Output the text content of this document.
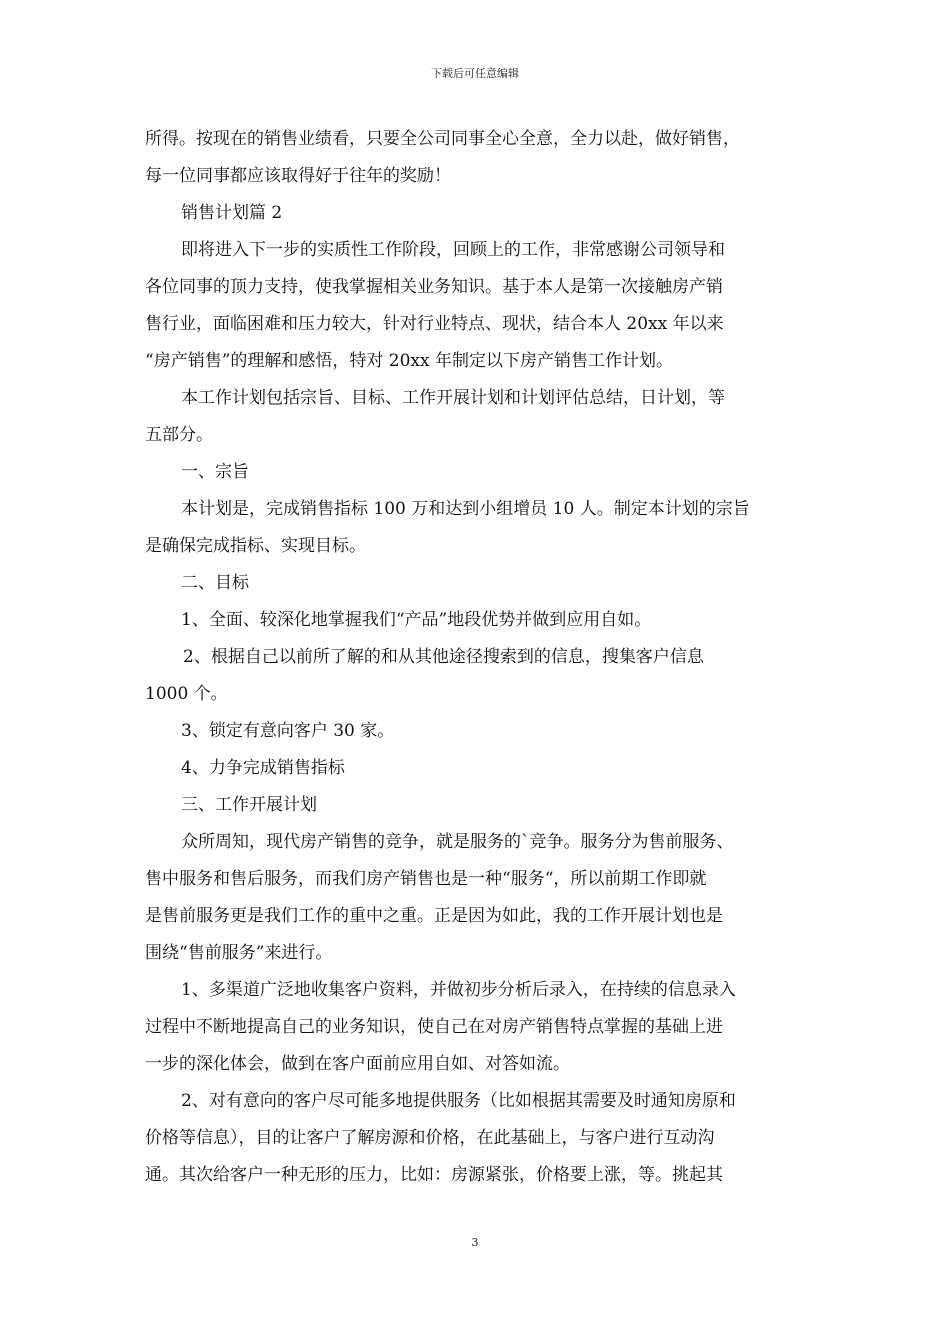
下载后可任意编辑
所得。按现在的销售业绩看，只要全公司同事全心全意，全力以赴，做好销售，
每一位同事都应该取得好于往年的奖励！
销售计划篇 2
即将进入下一步的实质性工作阶段，回顾上的工作，非常感谢公司领导和
各位同事的顶力支持，使我掌握相关业务知识。基于本人是第一次接触房产销
售行业，面临困难和压力较大，针对行业特点、现状，结合本人 20xx 年以来
“房产销售”的理解和感悟，特对 20xx 年制定以下房产销售工作计划。
本工作计划包括宗旨、目标、工作开展计划和计划评估总结，日计划，等
五部分。
一、宗旨
本计划是，完成销售指标 100 万和达到小组增员 10 人。制定本计划的宗旨
是确保完成指标、实现目标。
二、目标
1、全面、较深化地掌握我们“产品”地段优势并做到应用自如。
2、根据自己以前所了解的和从其他途径搜索到的信息，搜集客户信息
1000 个。
3、锁定有意向客户 30 家。
4、力争完成销售指标
三、工作开展计划
众所周知，现代房产销售的竞争，就是服务的`竞争。服务分为售前服务、
售中服务和售后服务，而我们房产销售也是一种“服务“，所以前期工作即就
是售前服务更是我们工作的重中之重。正是因为如此，我的工作开展计划也是
围绕“售前服务”来进行。
1、多渠道广泛地收集客户资料，并做初步分析后录入，在持续的信息录入
过程中不断地提高自己的业务知识，使自己在对房产销售特点掌握的基础上进
一步的深化体会，做到在客户面前应用自如、对答如流。
2、对有意向的客户尽可能多地提供服务（比如根据其需要及时通知房原和
价格等信息），目的让客户了解房源和价格，在此基础上，与客户进行互动沟
通。其次给客户一种无形的压力，比如：房源紧张，价格要上涨，等。挑起其
3
